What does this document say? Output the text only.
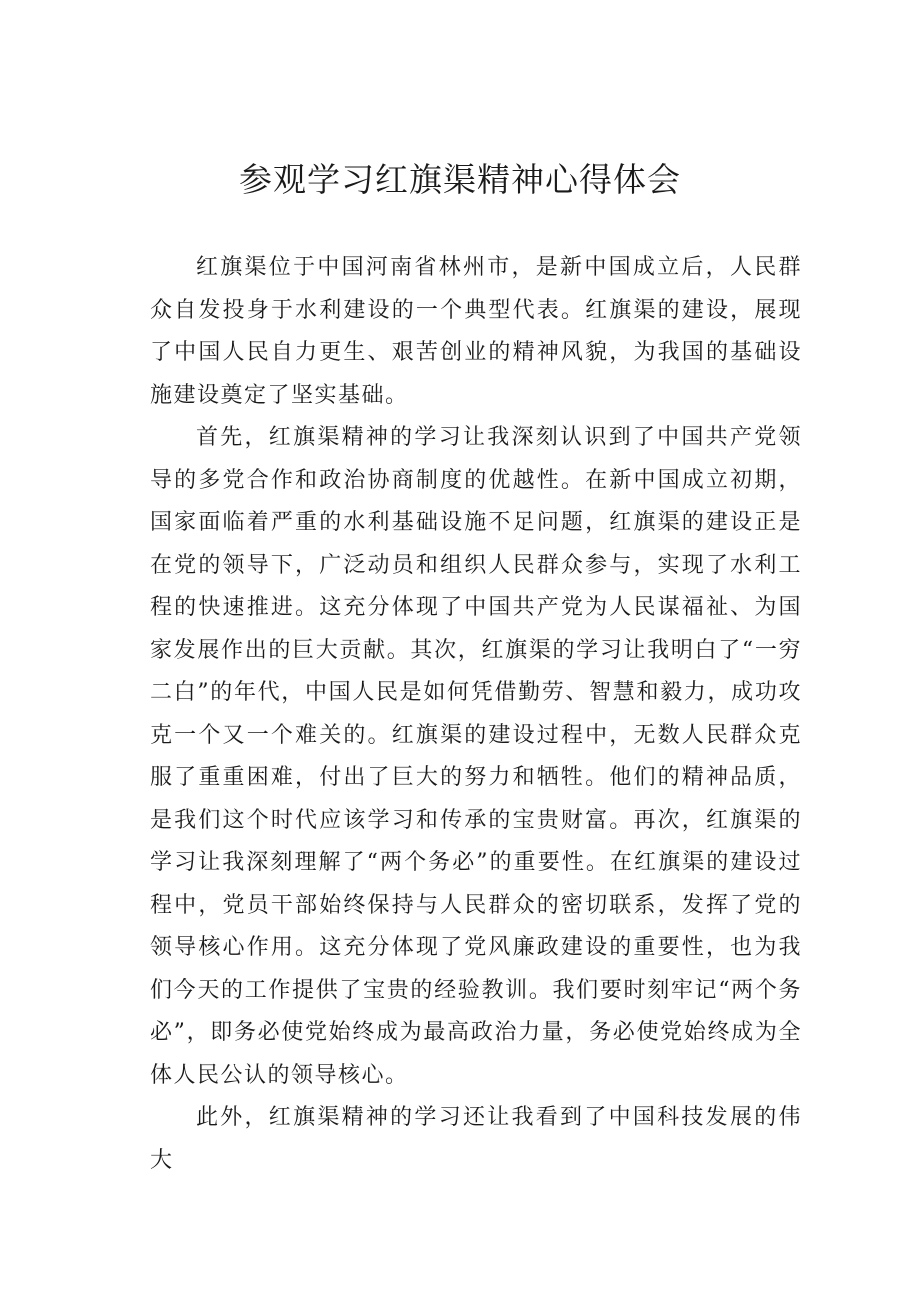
参观学习红旗渠精神心得体会

红旗渠位于中国河南省林州市，是新中国成立后，人民群众自发投身于水利建设的一个典型代表。红旗渠的建设，展现了中国人民自力更生、艰苦创业的精神风貌，为我国的基础设施建设奠定了坚实基础。

首先，红旗渠精神的学习让我深刻认识到了中国共产党领导的多党合作和政治协商制度的优越性。在新中国成立初期，国家面临着严重的水利基础设施不足问题，红旗渠的建设正是在党的领导下，广泛动员和组织人民群众参与，实现了水利工程的快速推进。这充分体现了中国共产党为人民谋福祉、为国家发展作出的巨大贡献。其次，红旗渠的学习让我明白了“一穷二白”的年代，中国人民是如何凭借勤劳、智慧和毅力，成功攻克一个又一个难关的。红旗渠的建设过程中，无数人民群众克服了重重困难，付出了巨大的努力和牺牲。他们的精神品质，是我们这个时代应该学习和传承的宝贵财富。再次，红旗渠的学习让我深刻理解了“两个务必”的重要性。在红旗渠的建设过程中，党员干部始终保持与人民群众的密切联系，发挥了党的领导核心作用。这充分体现了党风廉政建设的重要性，也为我们今天的工作提供了宝贵的经验教训。我们要时刻牢记“两个务必”，即务必使党始终成为最高政治力量，务必使党始终成为全体人民公认的领导核心。

此外，红旗渠精神的学习还让我看到了中国科技发展的伟大
